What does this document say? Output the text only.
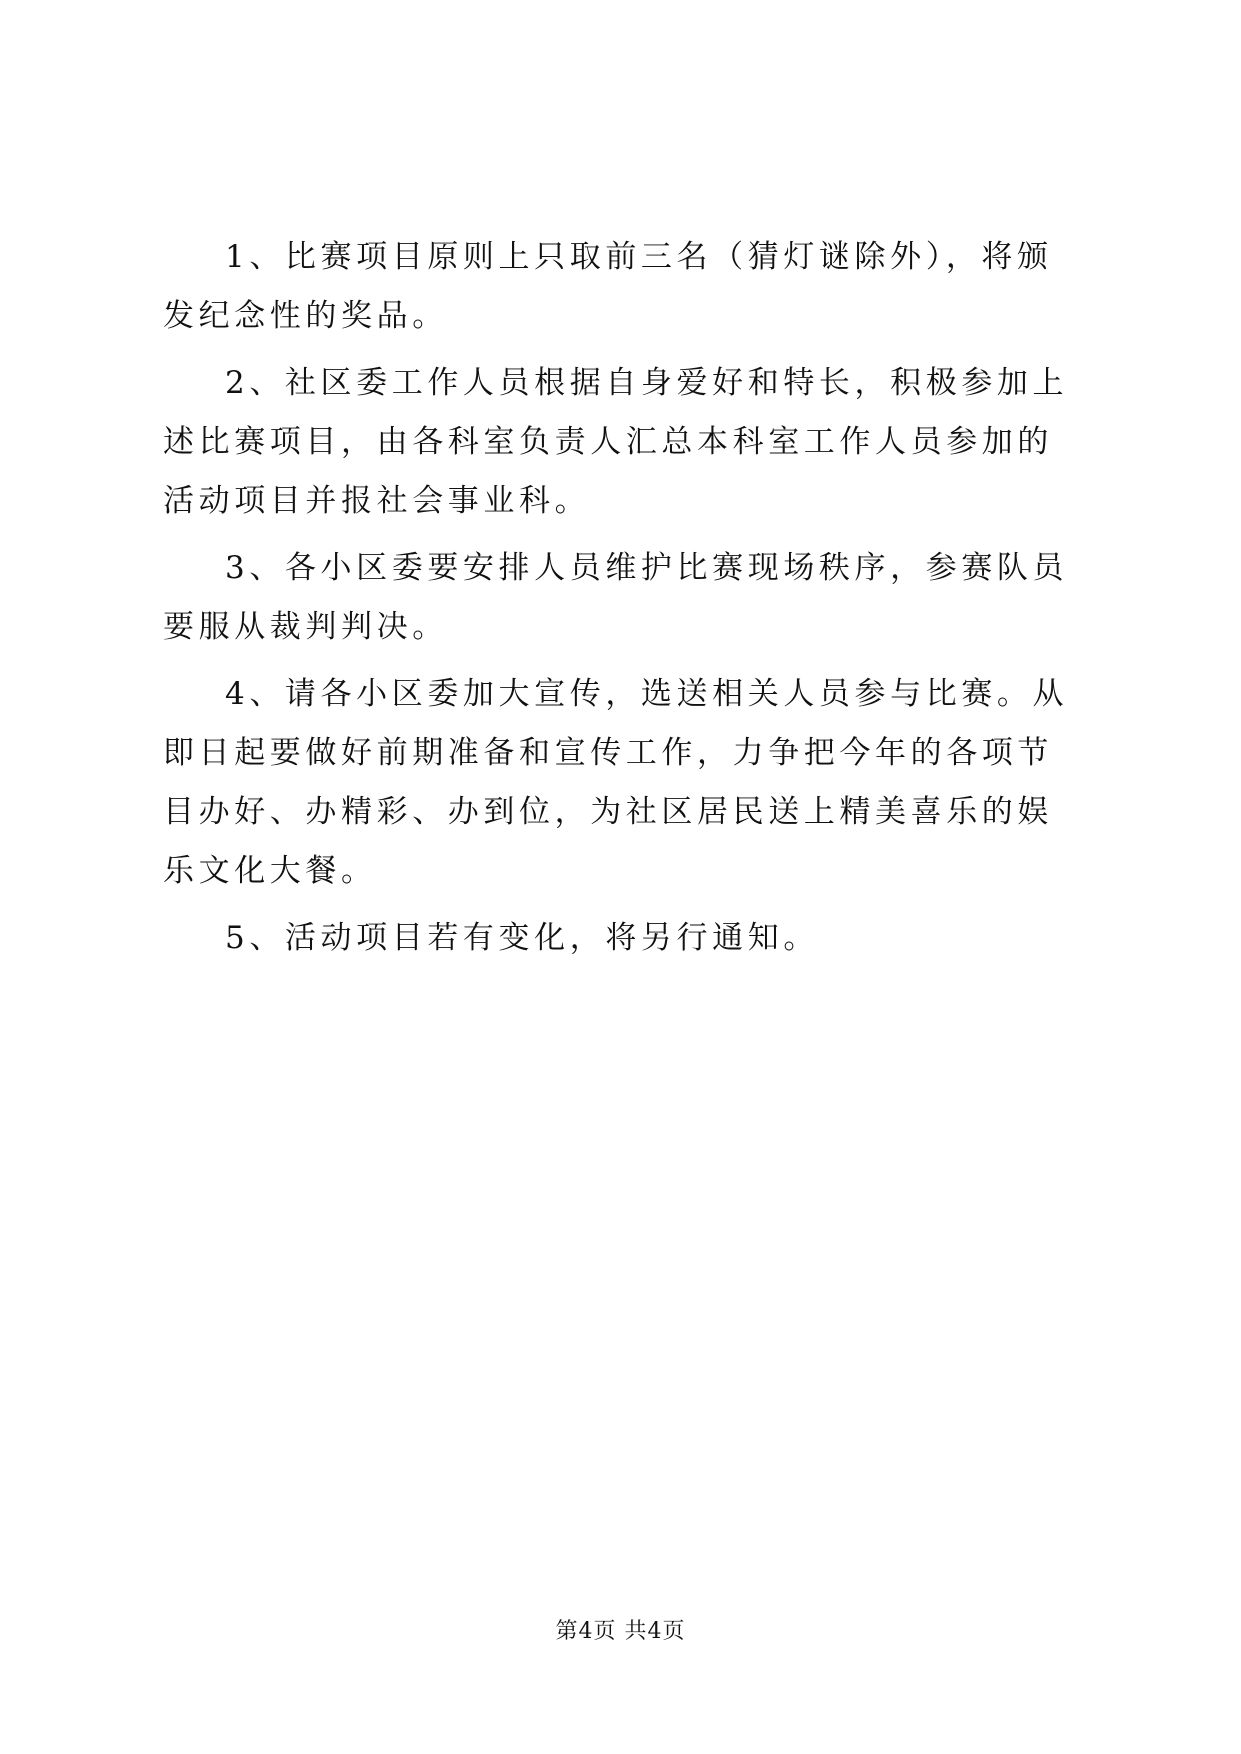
1、比赛项目原则上只取前三名（猜灯谜除外），将颁发纪念性的奖品。

2、社区委工作人员根据自身爱好和特长，积极参加上述比赛项目，由各科室负责人汇总本科室工作人员参加的活动项目并报社会事业科。

3、各小区委要安排人员维护比赛现场秩序，参赛队员要服从裁判判决。

4、请各小区委加大宣传，选送相关人员参与比赛。从即日起要做好前期准备和宣传工作，力争把今年的各项节目办好、办精彩、办到位，为社区居民送上精美喜乐的娱乐文化大餐。

5、活动项目若有变化，将另行通知。

第4页 共4页
